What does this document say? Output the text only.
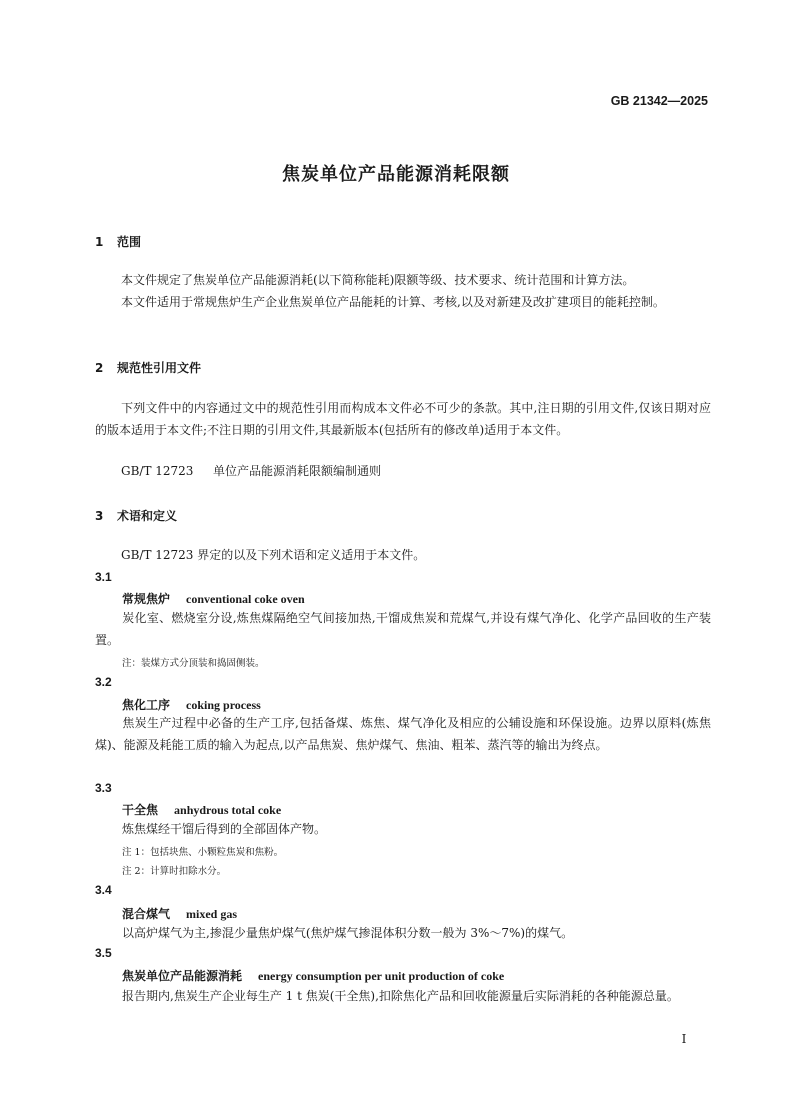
GB 21342—2025
焦炭单位产品能源消耗限额
1 范围
本文件规定了焦炭单位产品能源消耗(以下简称能耗)限额等级、技术要求、统计范围和计算方法。
本文件适用于常规焦炉生产企业焦炭单位产品能耗的计算、考核,以及对新建及改扩建项目的能耗控制。
2 规范性引用文件
下列文件中的内容通过文中的规范性引用而构成本文件必不可少的条款。其中,注日期的引用文件,仅该日期对应的版本适用于本文件;不注日期的引用文件,其最新版本(包括所有的修改单)适用于本文件。
GB/T 12723 单位产品能源消耗限额编制通则
3 术语和定义
GB/T 12723 界定的以及下列术语和定义适用于本文件。
3.1
常规焦炉 conventional coke oven
炭化室、燃烧室分设,炼焦煤隔绝空气间接加热,干馏成焦炭和荒煤气,并设有煤气净化、化学产品回收的生产装置。
注：装煤方式分顶装和捣固侧装。
3.2
焦化工序 coking process
焦炭生产过程中必备的生产工序,包括备煤、炼焦、煤气净化及相应的公辅设施和环保设施。边界以原料(炼焦煤)、能源及耗能工质的输入为起点,以产品焦炭、焦炉煤气、焦油、粗苯、蒸汽等的输出为终点。
3.3
干全焦 anhydrous total coke
炼焦煤经干馏后得到的全部固体产物。
注 1：包括块焦、小颗粒焦炭和焦粉。
注 2：计算时扣除水分。
3.4
混合煤气 mixed gas
以高炉煤气为主,掺混少量焦炉煤气(焦炉煤气掺混体积分数一般为 3%～7%)的煤气。
3.5
焦炭单位产品能源消耗 energy consumption per unit production of coke
报告期内,焦炭生产企业每生产 1 t 焦炭(干全焦),扣除焦化产品和回收能源量后实际消耗的各种能源总量。
I
